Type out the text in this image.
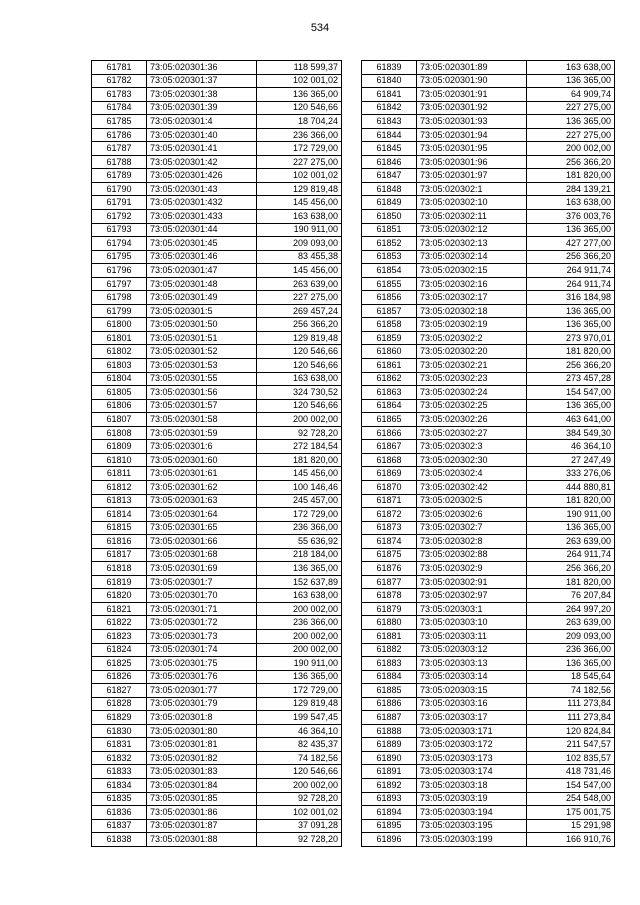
534
61781	73:05:020301:36	118 599,37
61782	73:05:020301:37	102 001,02
61783	73:05:020301:38	136 365,00
61784	73:05:020301:39	120 546,66
61785	73:05:020301:4	18 704,24
61786	73:05:020301:40	236 366,00
61787	73:05:020301:41	172 729,00
61788	73:05:020301:42	227 275,00
61789	73:05:020301:426	102 001,02
61790	73:05:020301:43	129 819,48
61791	73:05:020301:432	145 456,00
61792	73:05:020301:433	163 638,00
61793	73:05:020301:44	190 911,00
61794	73:05:020301:45	209 093,00
61795	73:05:020301:46	83 455,38
61796	73:05:020301:47	145 456,00
61797	73:05:020301:48	263 639,00
61798	73:05:020301:49	227 275,00
61799	73:05:020301:5	269 457,24
61800	73:05:020301:50	256 366,20
61801	73:05:020301:51	129 819,48
61802	73:05:020301:52	120 546,66
61803	73:05:020301:53	120 546,66
61804	73:05:020301:55	163 638,00
61805	73:05:020301:56	324 730,52
61806	73:05:020301:57	120 546,66
61807	73:05:020301:58	200 002,00
61808	73:05:020301:59	92 728,20
61809	73:05:020301:6	272 184,54
61810	73:05:020301:60	181 820,00
61811	73:05:020301:61	145 456,00
61812	73:05:020301:62	100 146,46
61813	73:05:020301:63	245 457,00
61814	73:05:020301:64	172 729,00
61815	73:05:020301:65	236 366,00
61816	73:05:020301:66	55 636,92
61817	73:05:020301:68	218 184,00
61818	73:05:020301:69	136 365,00
61819	73:05:020301:7	152 637,89
61820	73:05:020301:70	163 638,00
61821	73:05:020301:71	200 002,00
61822	73:05:020301:72	236 366,00
61823	73:05:020301:73	200 002,00
61824	73:05:020301:74	200 002,00
61825	73:05:020301:75	190 911,00
61826	73:05:020301:76	136 365,00
61827	73:05:020301:77	172 729,00
61828	73:05:020301:79	129 819,48
61829	73:05:020301:8	199 547,45
61830	73:05:020301:80	46 364,10
61831	73:05:020301:81	82 435,37
61832	73:05:020301:82	74 182,56
61833	73:05:020301:83	120 546,66
61834	73:05:020301:84	200 002,00
61835	73:05:020301:85	92 728,20
61836	73:05:020301:86	102 001,02
61837	73:05:020301:87	37 091,28
61838	73:05:020301:88	92 728,20
61839	73:05:020301:89	163 638,00
61840	73:05:020301:90	136 365,00
61841	73:05:020301:91	64 909,74
61842	73:05:020301:92	227 275,00
61843	73:05:020301:93	136 365,00
61844	73:05:020301:94	227 275,00
61845	73:05:020301:95	200 002,00
61846	73:05:020301:96	256 366,20
61847	73:05:020301:97	181 820,00
61848	73:05:020302:1	284 139,21
61849	73:05:020302:10	163 638,00
61850	73:05:020302:11	376 003,76
61851	73:05:020302:12	136 365,00
61852	73:05:020302:13	427 277,00
61853	73:05:020302:14	256 366,20
61854	73:05:020302:15	264 911,74
61855	73:05:020302:16	264 911,74
61856	73:05:020302:17	316 184,98
61857	73:05:020302:18	136 365,00
61858	73:05:020302:19	136 365,00
61859	73:05:020302:2	273 970,01
61860	73:05:020302:20	181 820,00
61861	73:05:020302:21	256 366,20
61862	73:05:020302:23	273 457,28
61863	73:05:020302:24	154 547,00
61864	73:05:020302:25	136 365,00
61865	73:05:020302:26	463 641,00
61866	73:05:020302:27	384 549,30
61867	73:05:020302:3	46 364,10
61868	73:05:020302:30	27 247,49
61869	73:05:020302:4	333 276,06
61870	73:05:020302:42	444 880,81
61871	73:05:020302:5	181 820,00
61872	73:05:020302:6	190 911,00
61873	73:05:020302:7	136 365,00
61874	73:05:020302:8	263 639,00
61875	73:05:020302:88	264 911,74
61876	73:05:020302:9	256 366,20
61877	73:05:020302:91	181 820,00
61878	73:05:020302:97	76 207,84
61879	73:05:020303:1	264 997,20
61880	73:05:020303:10	263 639,00
61881	73:05:020303:11	209 093,00
61882	73:05:020303:12	236 366,00
61883	73:05:020303:13	136 365,00
61884	73:05:020303:14	18 545,64
61885	73:05:020303:15	74 182,56
61886	73:05:020303:16	111 273,84
61887	73:05:020303:17	111 273,84
61888	73:05:020303:171	120 824,84
61889	73:05:020303:172	211 547,57
61890	73:05:020303:173	102 835,57
61891	73:05:020303:174	418 731,46
61892	73:05:020303:18	154 547,00
61893	73:05:020303:19	254 548,00
61894	73:05:020303:194	175 001,75
61895	73:05:020303:195	15 291,98
61896	73:05:020303:199	166 910,76
